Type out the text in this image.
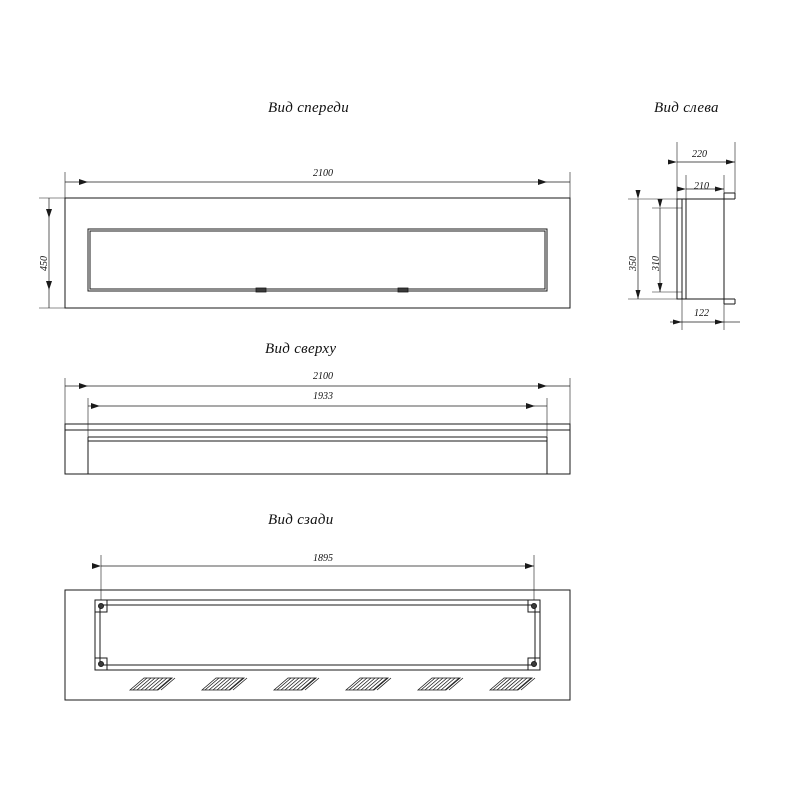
Вид спереди	Вид слева
Вид сверху
Вид сзади
2100
450
220
210
350 310
122
2100
1933
1895
